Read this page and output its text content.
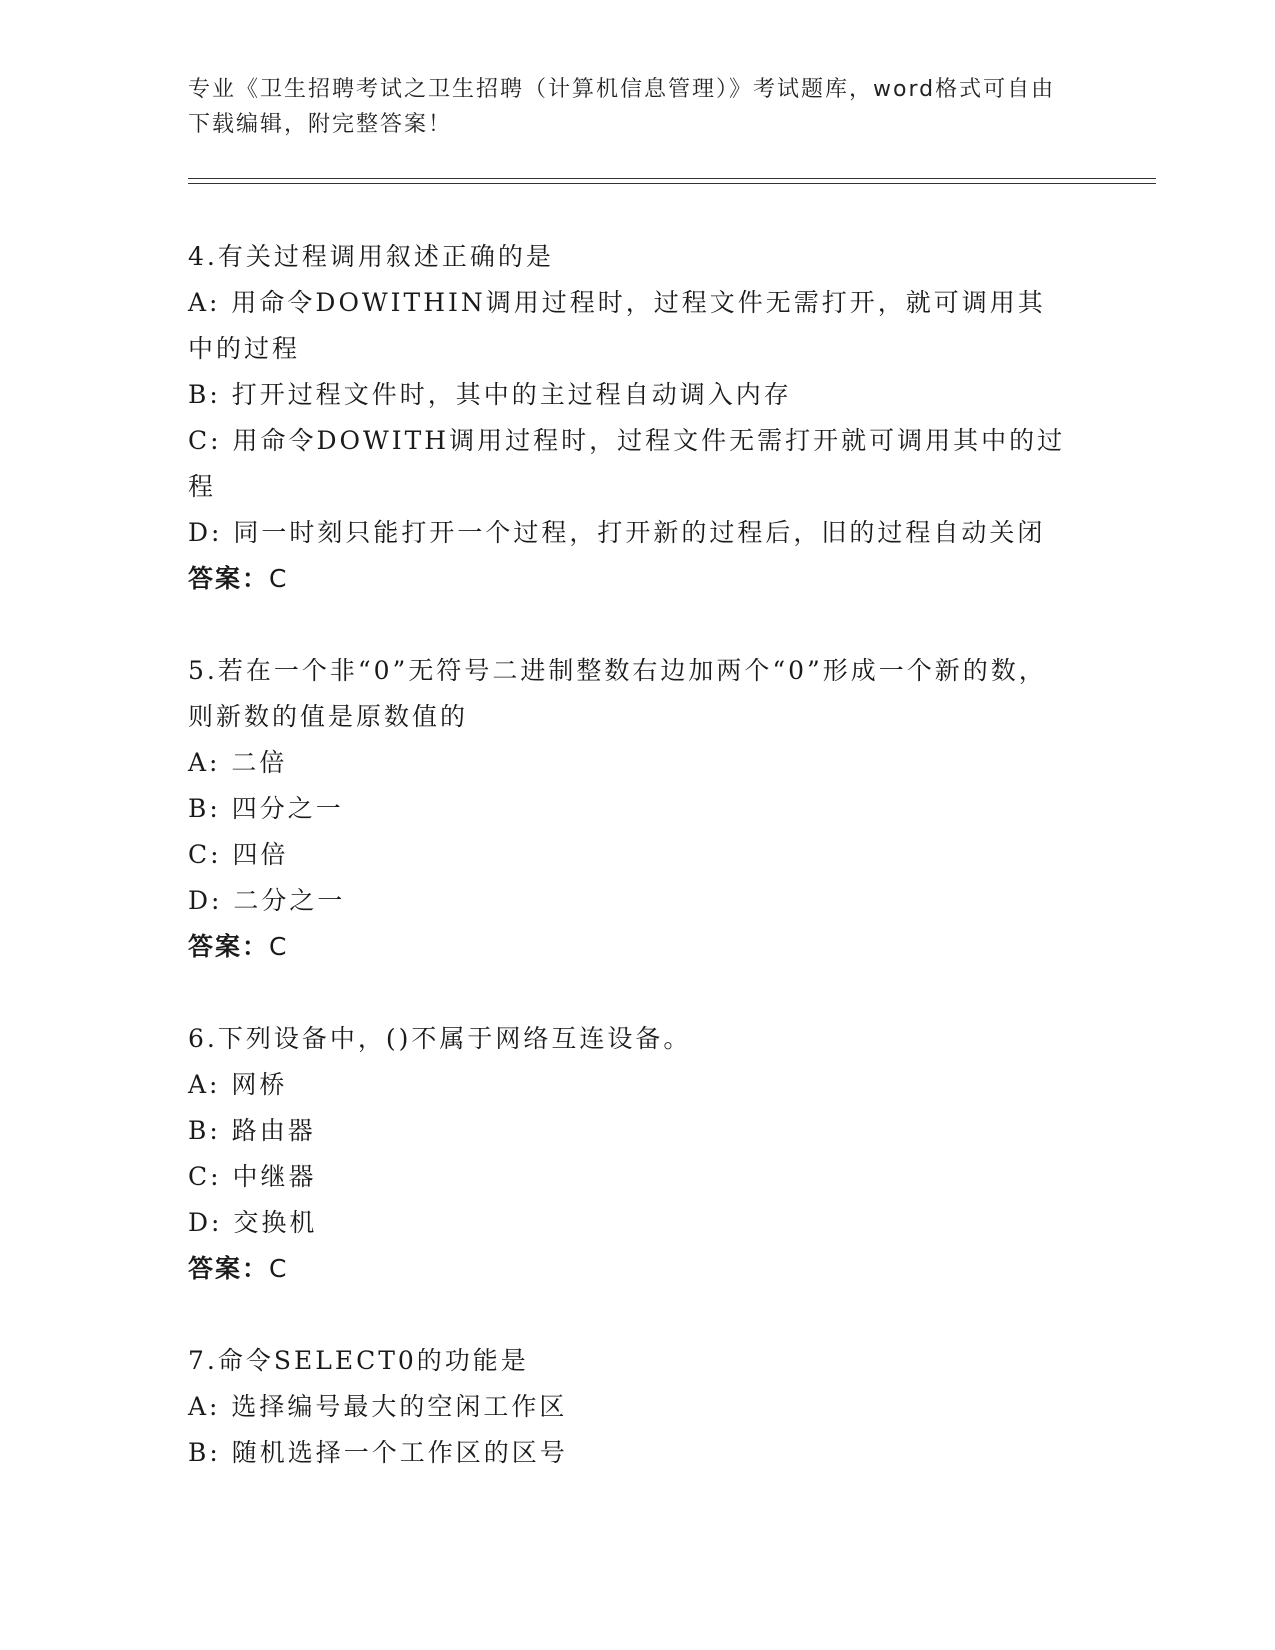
专业《卫生招聘考试之卫生招聘（计算机信息管理）》考试题库，word格式可自由下载编辑，附完整答案！

4.有关过程调用叙述正确的是

A: 用命令DOWITHIN调用过程时，过程文件无需打开，就可调用其中的过程

B: 打开过程文件时，其中的主过程自动调入内存

C: 用命令DOWITH调用过程时，过程文件无需打开就可调用其中的过程

D: 同一时刻只能打开一个过程，打开新的过程后，旧的过程自动关闭

答案：C

5.若在一个非“0”无符号二进制整数右边加两个“0”形成一个新的数，则新数的值是原数值的

A: 二倍

B: 四分之一

C: 四倍

D: 二分之一

答案：C

6.下列设备中，()不属于网络互连设备。

A: 网桥

B: 路由器

C: 中继器

D: 交换机

答案：C

7.命令SELECT0的功能是

A: 选择编号最大的空闲工作区

B: 随机选择一个工作区的区号
